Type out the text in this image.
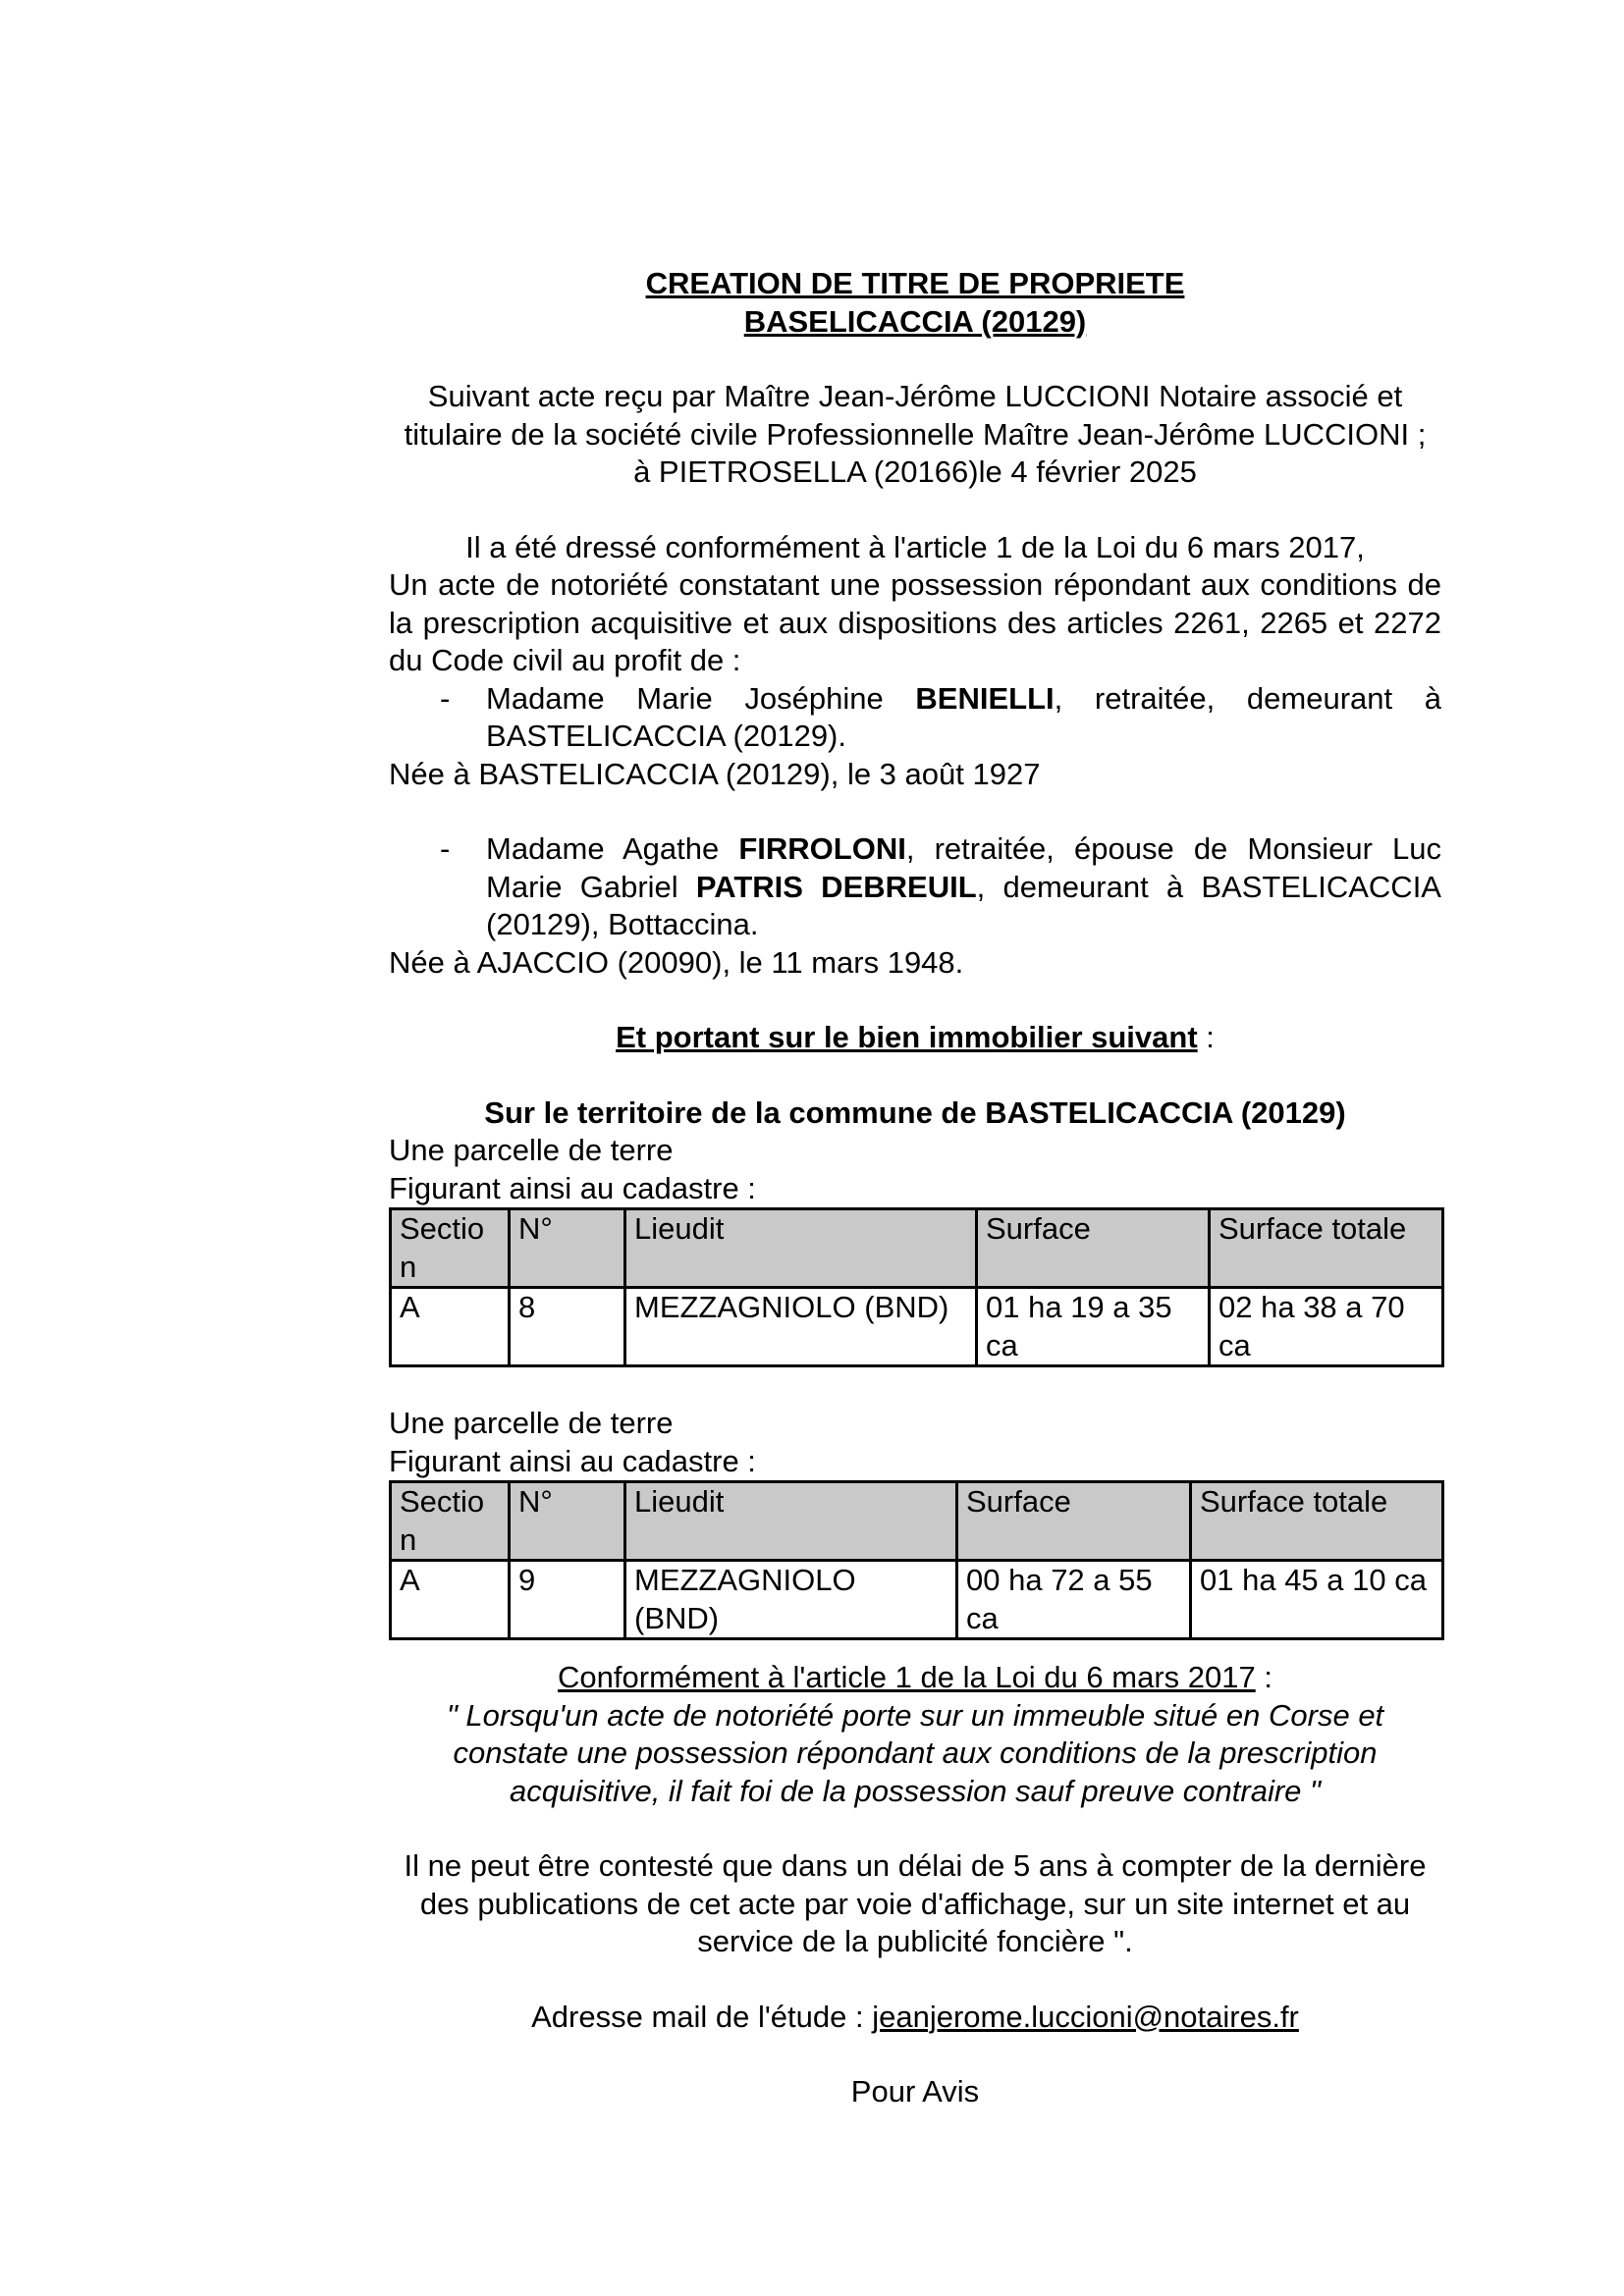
CREATION DE TITRE DE PROPRIETE
BASELICACCIA (20129)
Suivant acte reçu par Maître Jean-Jérôme LUCCIONI Notaire associé et
titulaire de la société civile Professionnelle Maître Jean-Jérôme LUCCIONI ;
à PIETROSELLA (20166)le 4 février 2025
Il a été dressé conformément à l'article 1 de la Loi du 6 mars 2017,
Un acte de notoriété constatant une possession répondant aux conditions de la prescription acquisitive et aux dispositions des articles 2261, 2265 et 2272 du Code civil au profit de :
- Madame Marie Joséphine BENIELLI, retraitée, demeurant à BASTELICACCIA (20129).
Née à BASTELICACCIA (20129), le 3 août 1927
- Madame Agathe FIRROLONI, retraitée, épouse de Monsieur Luc Marie Gabriel PATRIS DEBREUIL, demeurant à BASTELICACCIA (20129), Bottaccina.
Née à AJACCIO (20090), le 11 mars 1948.
Et portant sur le bien immobilier suivant :
Sur le territoire de la commune de BASTELICACCIA (20129)
Une parcelle de terre
Figurant ainsi au cadastre :
Sectio n	N°	Lieudit	Surface	Surface totale
A	8	MEZZAGNIOLO (BND)	01 ha 19 a 35 ca	02 ha 38 a 70 ca
Une parcelle de terre
Figurant ainsi au cadastre :
Sectio n	N°	Lieudit	Surface	Surface totale
A	9	MEZZAGNIOLO (BND)	00 ha 72 a 55 ca	01 ha 45 a 10 ca
Conformément à l'article 1 de la Loi du 6 mars 2017 :
" Lorsqu'un acte de notoriété porte sur un immeuble situé en Corse et
constate une possession répondant aux conditions de la prescription
acquisitive, il fait foi de la possession sauf preuve contraire "
Il ne peut être contesté que dans un délai de 5 ans à compter de la dernière
des publications de cet acte par voie d'affichage, sur un site internet et au
service de la publicité foncière ".
Adresse mail de l'étude : jeanjerome.luccioni@notaires.fr
Pour Avis
